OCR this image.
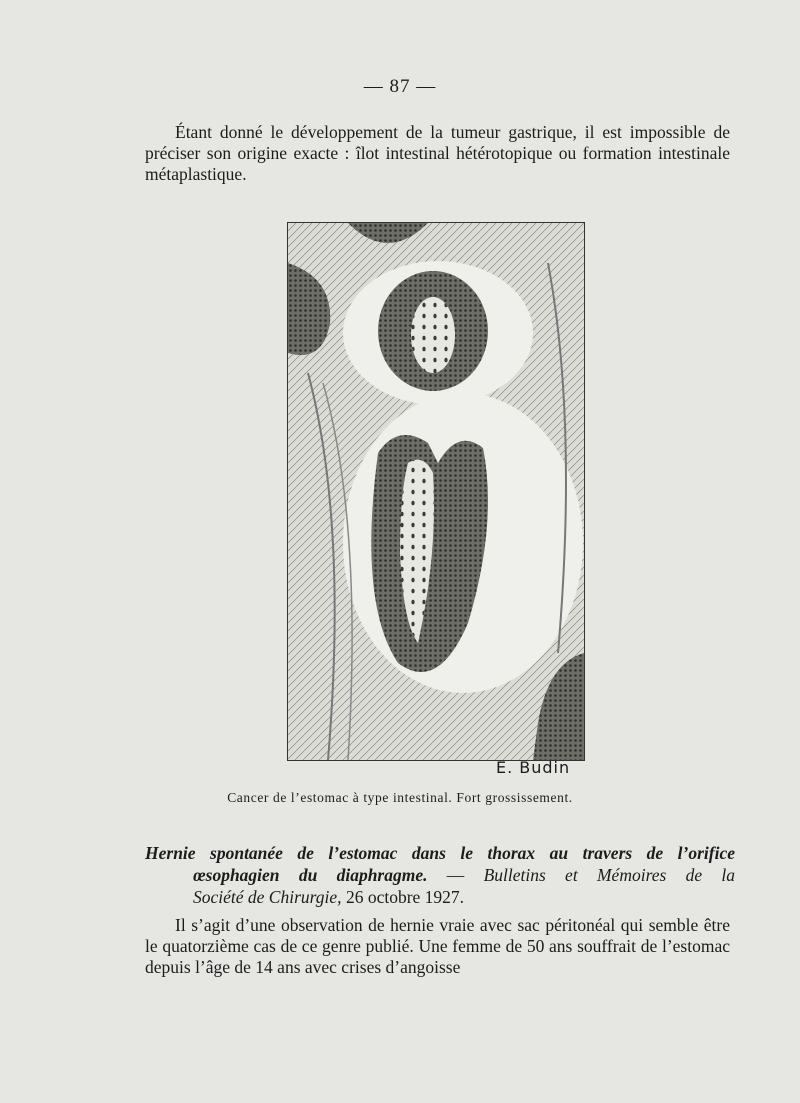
— 87 —

Étant donné le développement de la tumeur gastrique, il est impossible de préciser son origine exacte : îlot intestinal hétérotopique ou formation intestinale métaplastique.

E. Budin
Cancer de l’estomac à type intestinal. Fort grossissement.

Hernie spontanée de l’estomac dans le thorax au travers de l’orifice
œsophagien du diaphragme. — Bulletins et Mémoires de la
Société de Chirurgie, 26 octobre 1927.

Il s’agit d’une observation de hernie vraie avec sac péritonéal qui semble être le quatorzième cas de ce genre publié. Une femme de 50 ans souffrait de l’estomac depuis l’âge de 14 ans avec crises d’angoisse
